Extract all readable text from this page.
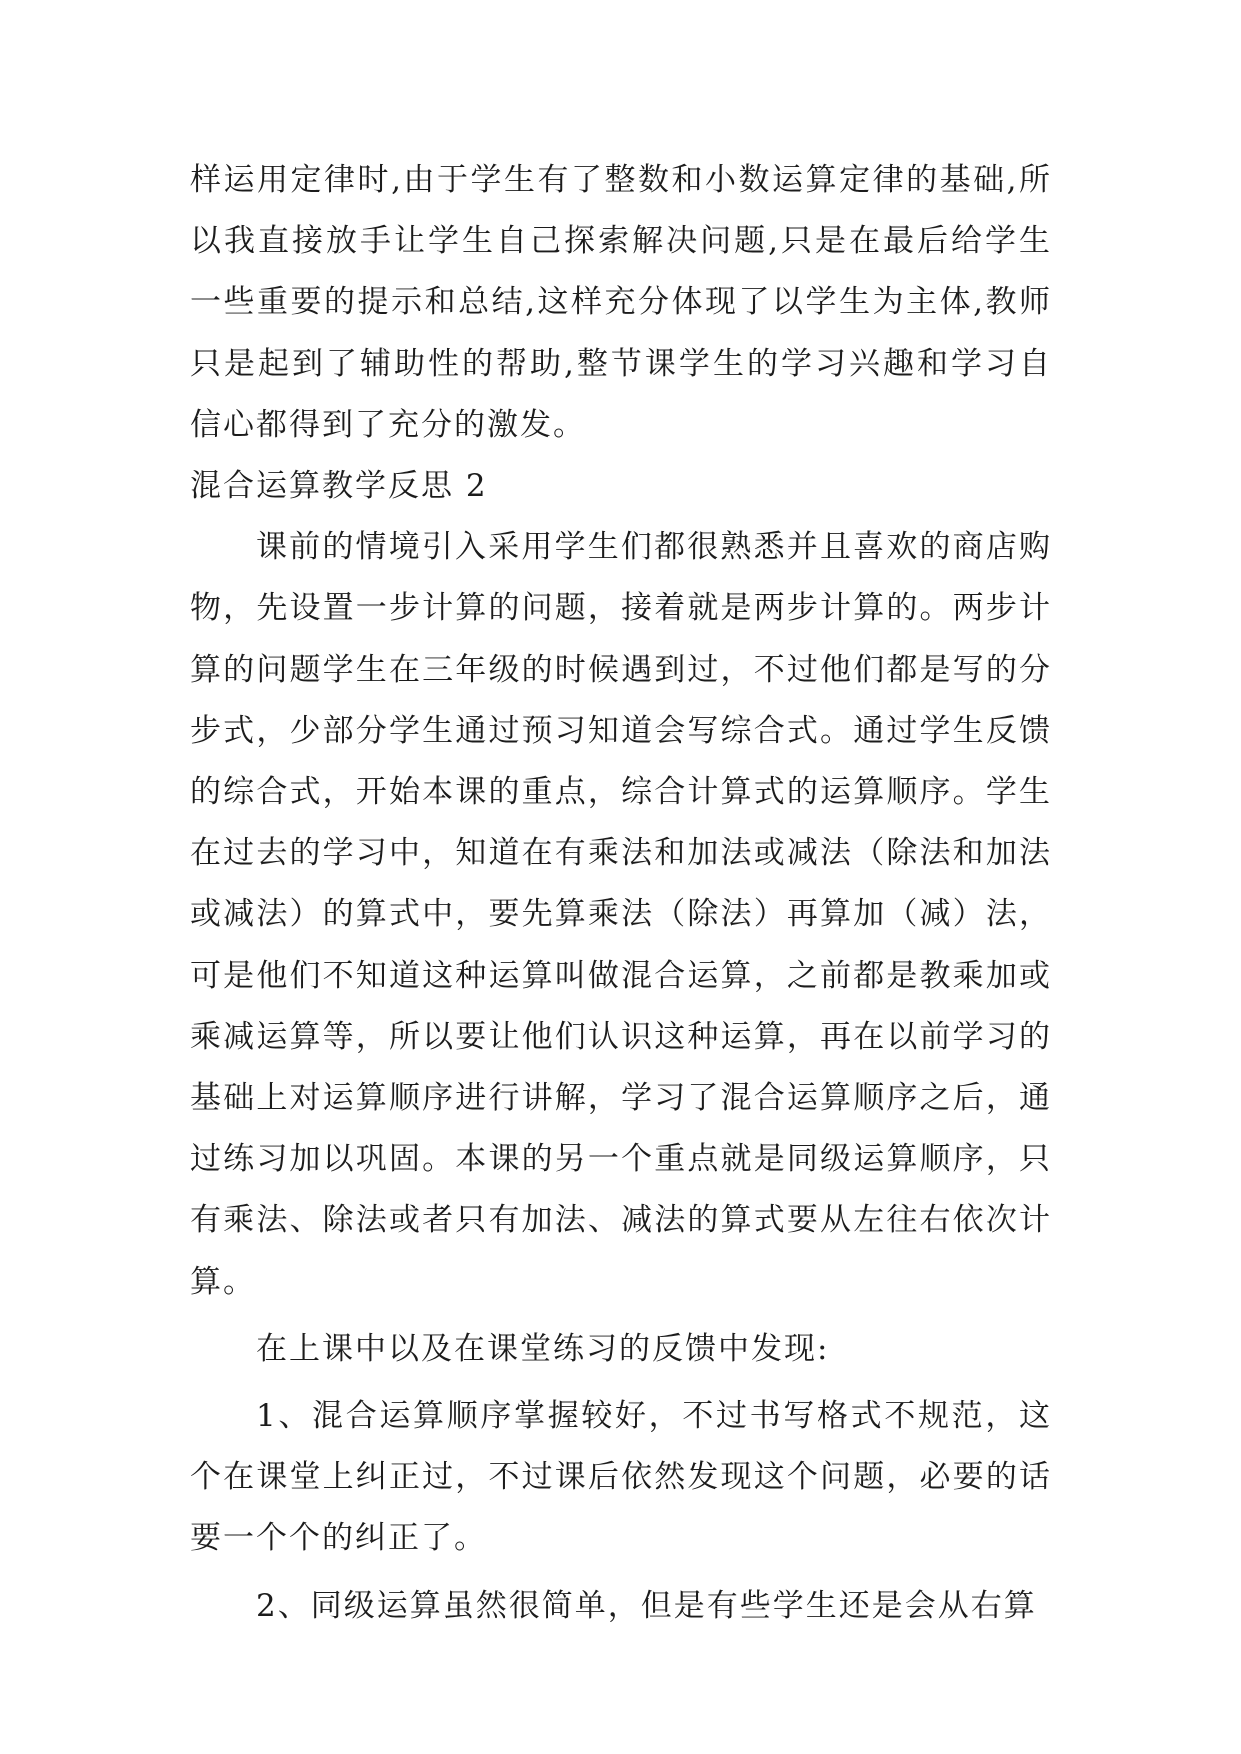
样运用定律时,由于学生有了整数和小数运算定律的基础,所以我直接放手让学生自己探索解决问题,只是在最后给学生一些重要的提示和总结,这样充分体现了以学生为主体,教师只是起到了辅助性的帮助,整节课学生的学习兴趣和学习自信心都得到了充分的激发。

混合运算教学反思 2

课前的情境引入采用学生们都很熟悉并且喜欢的商店购物，先设置一步计算的问题，接着就是两步计算的。两步计算的问题学生在三年级的时候遇到过，不过他们都是写的分步式，少部分学生通过预习知道会写综合式。通过学生反馈的综合式，开始本课的重点，综合计算式的运算顺序。学生在过去的学习中，知道在有乘法和加法或减法（除法和加法或减法）的算式中，要先算乘法（除法）再算加（减）法，可是他们不知道这种运算叫做混合运算，之前都是教乘加或乘减运算等，所以要让他们认识这种运算，再在以前学习的基础上对运算顺序进行讲解，学习了混合运算顺序之后，通过练习加以巩固。本课的另一个重点就是同级运算顺序，只有乘法、除法或者只有加法、减法的算式要从左往右依次计算。

在上课中以及在课堂练习的反馈中发现:

1、混合运算顺序掌握较好，不过书写格式不规范，这个在课堂上纠正过，不过课后依然发现这个问题，必要的话要一个个的纠正了。

2、同级运算虽然很简单，但是有些学生还是会从右算
